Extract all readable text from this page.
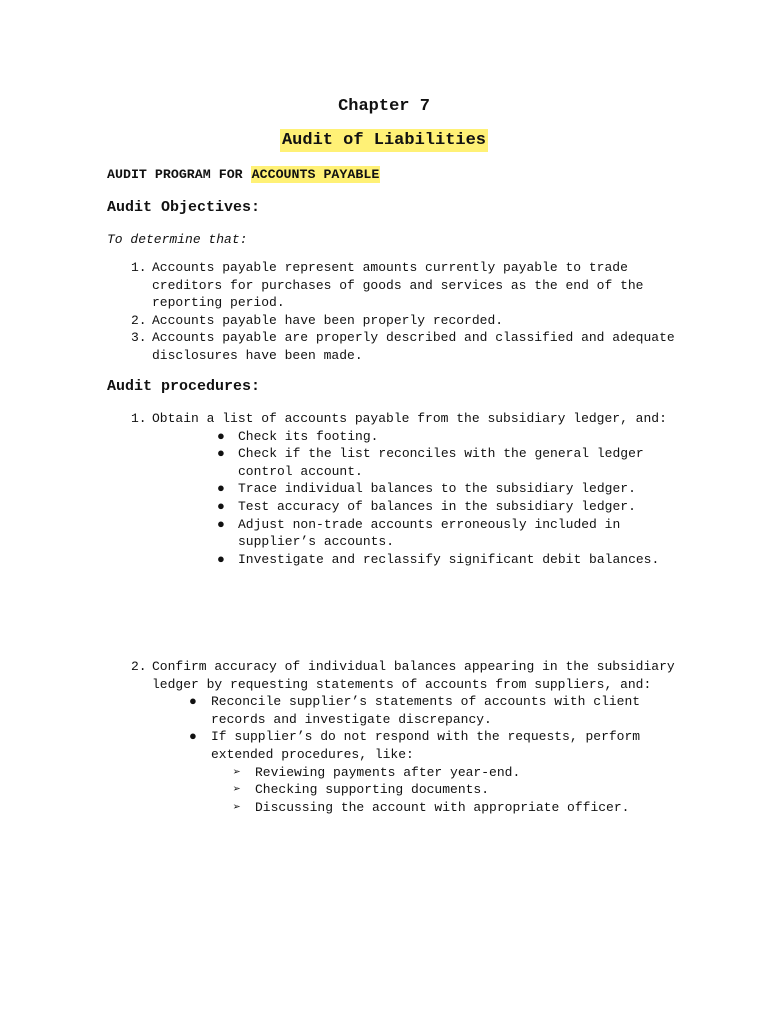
Chapter 7
Audit of Liabilities
AUDIT PROGRAM FOR ACCOUNTS PAYABLE
Audit Objectives:
To determine that:
1. Accounts payable represent amounts currently payable to trade creditors for purchases of goods and services as the end of the reporting period.
2. Accounts payable have been properly recorded.
3. Accounts payable are properly described and classified and adequate disclosures have been made.
Audit procedures:
1. Obtain a list of accounts payable from the subsidiary ledger, and:
● Check its footing.
● Check if the list reconciles with the general ledger control account.
● Trace individual balances to the subsidiary ledger.
● Test accuracy of balances in the subsidiary ledger.
● Adjust non-trade accounts erroneously included in supplier’s accounts.
● Investigate and reclassify significant debit balances.
2. Confirm accuracy of individual balances appearing in the subsidiary ledger by requesting statements of accounts from suppliers, and:
● Reconcile supplier’s statements of accounts with client records and investigate discrepancy.
● If supplier’s do not respond with the requests, perform extended procedures, like:
➢ Reviewing payments after year-end.
➢ Checking supporting documents.
➢ Discussing the account with appropriate officer.
